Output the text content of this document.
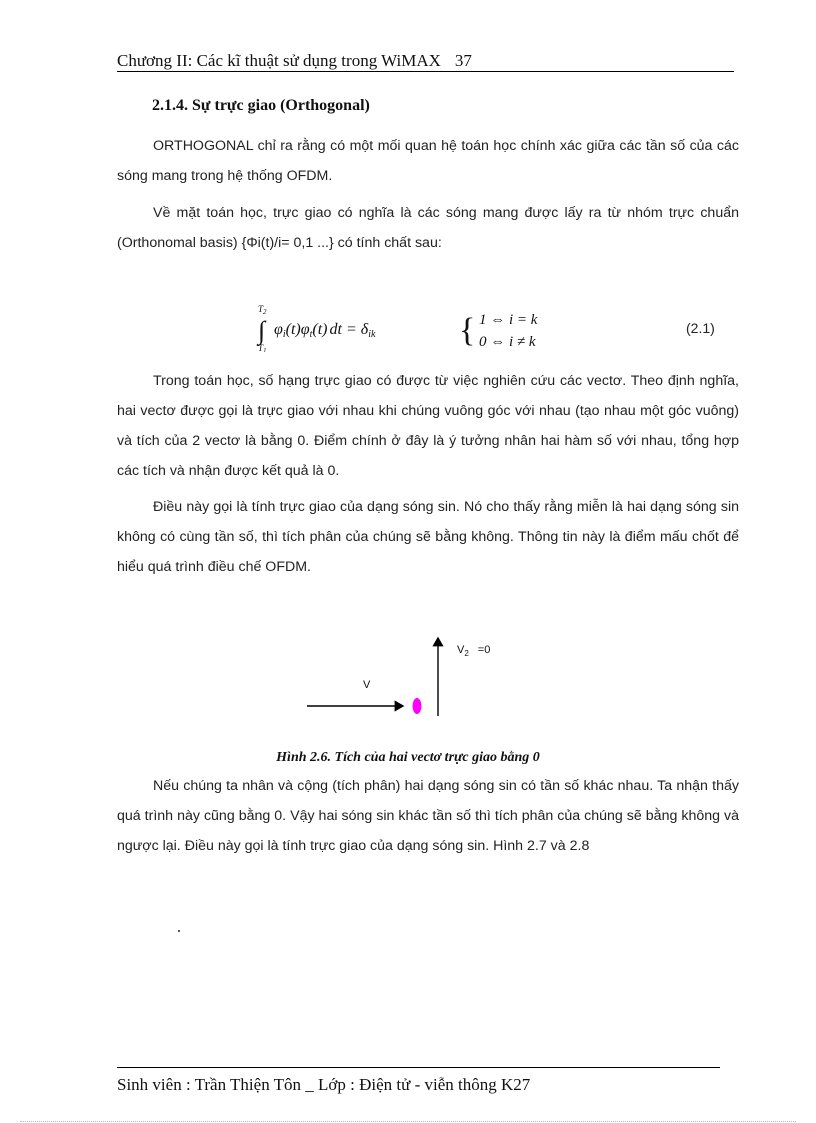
Chương II: Các kĩ thuật sử dụng trong WiMAX 37
2.1.4. Sự trực giao (Orthogonal)

ORTHOGONAL chỉ ra rằng có một mối quan hệ toán học chính xác giữa các tần số của các sóng mang trong hệ thống OFDM.

Về mặt toán học, trực giao có nghĩa là các sóng mang được lấy ra từ nhóm trực chuẩn (Orthonomal basis) {Φi(t)/i= 0,1 ...} có tính chất sau:

∫
$T_2$
$T_1$
φi(t)φt(t) dt = δik { 1 ⇔ i = k
0 ⇔ i ≠ k
(2.1)

Trong toán học, số hạng trực giao có được từ việc nghiên cứu các vectơ. Theo định nghĩa, hai vectơ được gọi là trực giao với nhau khi chúng vuông góc với nhau (tạo nhau một góc vuông) và tích của 2 vectơ là bằng 0. Điểm chính ở đây là ý tưởng nhân hai hàm số với nhau, tổng hợp các tích và nhận được kết quả là 0.

Điều này gọi là tính trực giao của dạng sóng sin. Nó cho thấy rằng miễn là hai dạng sóng sin không có cùng tần số, thì tích phân của chúng sẽ bằng không. Thông tin này là điểm mấu chốt để hiểu quá trình điều chế OFDM.

V
$V_2 =0$
Hình 2.6. Tích của hai vectơ trực giao bằng 0

Nếu chúng ta nhân và cộng (tích phân) hai dạng sóng sin có tần số khác nhau. Ta nhận thấy quá trình này cũng bằng 0. Vậy hai sóng sin khác tần số thì tích phân của chúng sẽ bằng không và ngược lại. Điều này gọi là tính trực giao của dạng sóng sin. Hình 2.7 và 2.8

Sinh viên : Trần Thiện Tôn _ Lớp : Điện tử - viễn thông K27
